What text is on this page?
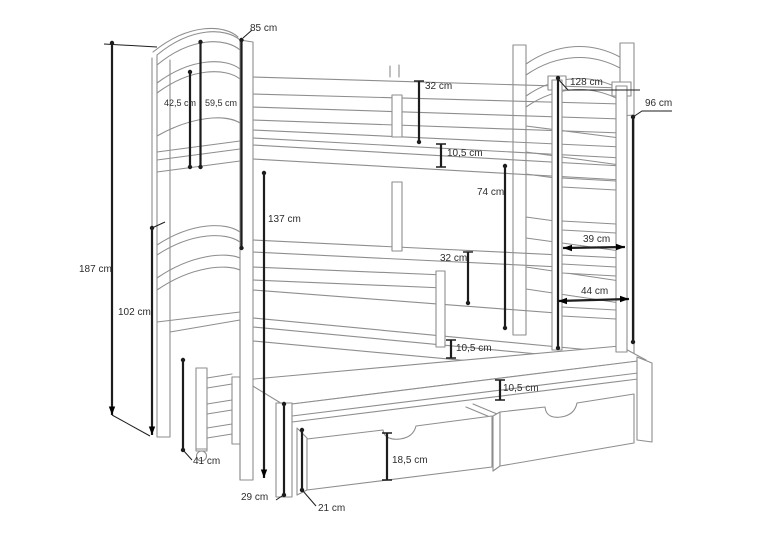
85 cm
42,5 cm 59,5 cm
32 cm	128 cm
96 cm
10,5 cm
74 cm
137 cm
187 cm
39 cm
32 cm
44 cm
102 cm
10,5 cm
10,5 cm
18,5 cm
41 cm
29 cm
21 cm
